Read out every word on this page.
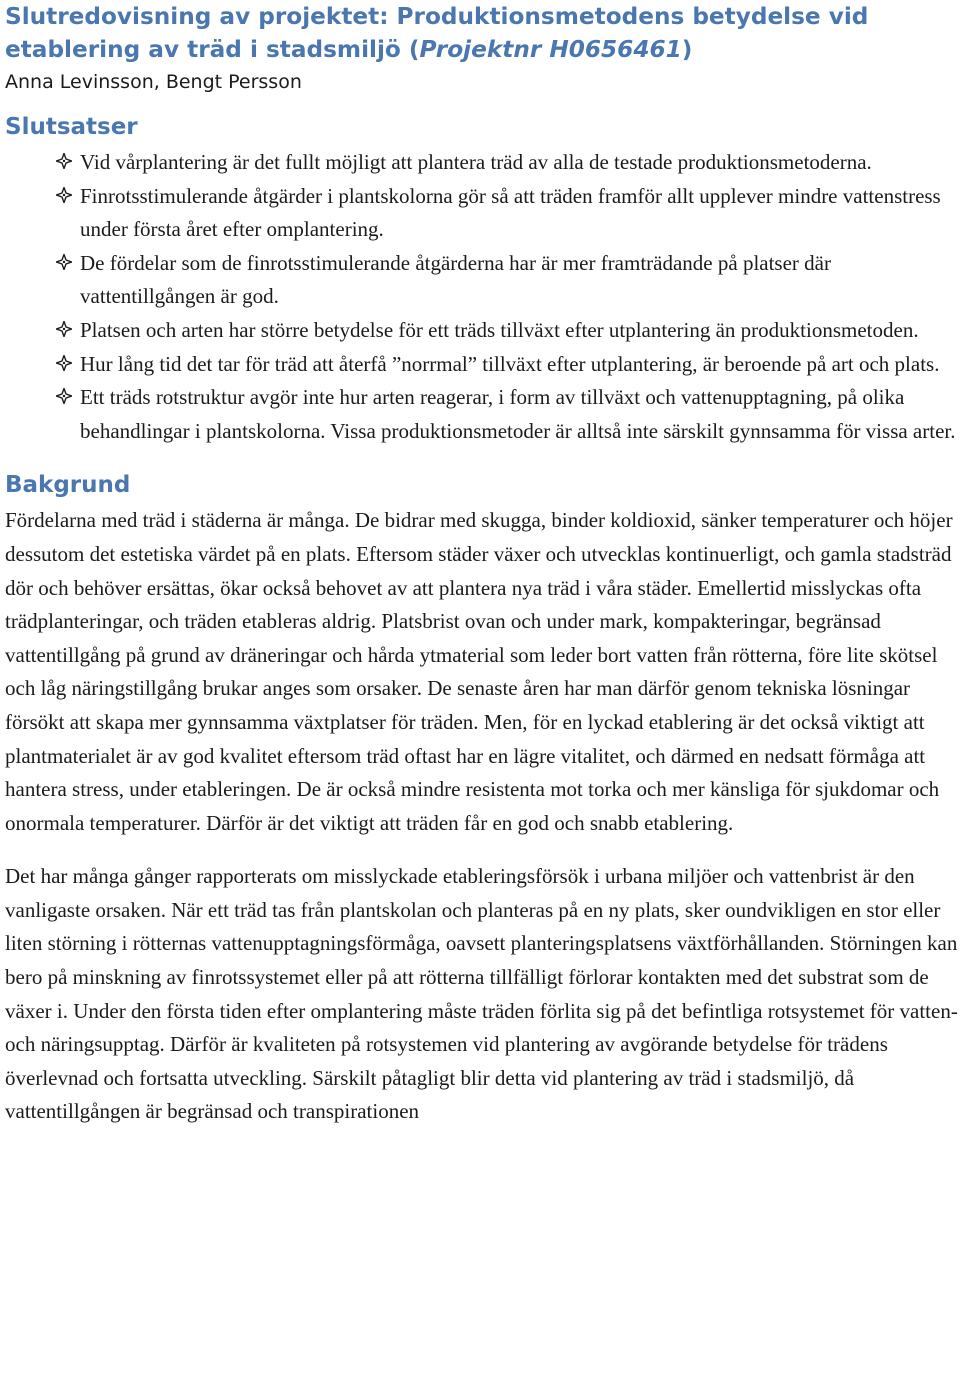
Slutredovisning av projektet: Produktionsmetodens betydelse vid etablering av träd i stadsmiljö (Projektnr H0656461)
Anna Levinsson, Bengt Persson
Slutsatser
Vid vårplantering är det fullt möjligt att plantera träd av alla de testade produktionsmetoderna.
Finrotsstimulerande åtgärder i plantskolorna gör så att träden framför allt upplever mindre vattenstress under första året efter omplantering.
De fördelar som de finrotsstimulerande åtgärderna har är mer framträdande på platser där vattentillgången är god.
Platsen och arten har större betydelse för ett träds tillväxt efter utplantering än produktionsmetoden.
Hur lång tid det tar för träd att återfå ”norrmal” tillväxt efter utplantering, är beroende på art och plats.
Ett träds rotstruktur avgör inte hur arten reagerar, i form av tillväxt och vattenupptagning, på olika behandlingar i plantskolorna. Vissa produktionsmetoder är alltså inte särskilt gynnsamma för vissa arter.
Bakgrund

Fördelarna med träd i städerna är många. De bidrar med skugga, binder koldioxid, sänker temperaturer och höjer dessutom det estetiska värdet på en plats. Eftersom städer växer och utvecklas kontinuerligt, och gamla stadsträd dör och behöver ersättas, ökar också behovet av att plantera nya träd i våra städer. Emellertid misslyckas ofta trädplanteringar, och träden etableras aldrig. Platsbrist ovan och under mark, kompakteringar, begränsad vattentillgång på grund av dräneringar och hårda ytmaterial som leder bort vatten från rötterna, före lite skötsel och låg näringstillgång brukar anges som orsaker. De senaste åren har man därför genom tekniska lösningar försökt att skapa mer gynnsamma växtplatser för träden. Men, för en lyckad etablering är det också viktigt att plantmaterialet är av god kvalitet eftersom träd oftast har en lägre vitalitet, och därmed en nedsatt förmåga att hantera stress, under etableringen. De är också mindre resistenta mot torka och mer känsliga för sjukdomar och onormala temperaturer. Därför är det viktigt att träden får en god och snabb etablering.

Det har många gånger rapporterats om misslyckade etableringsförsök i urbana miljöer och vattenbrist är den vanligaste orsaken. När ett träd tas från plantskolan och planteras på en ny plats, sker oundvikligen en stor eller liten störning i rötternas vattenupptagningsförmåga, oavsett planteringsplatsens växtförhållanden. Störningen kan bero på minskning av finrotssystemet eller på att rötterna tillfälligt förlorar kontakten med det substrat som de växer i. Under den första tiden efter omplantering måste träden förlita sig på det befintliga rotsystemet för vatten- och näringsupptag. Därför är kvaliteten på rotsystemen vid plantering av avgörande betydelse för trädens överlevnad och fortsatta utveckling. Särskilt påtagligt blir detta vid plantering av träd i stadsmiljö, då vattentillgången är begränsad och transpirationen
